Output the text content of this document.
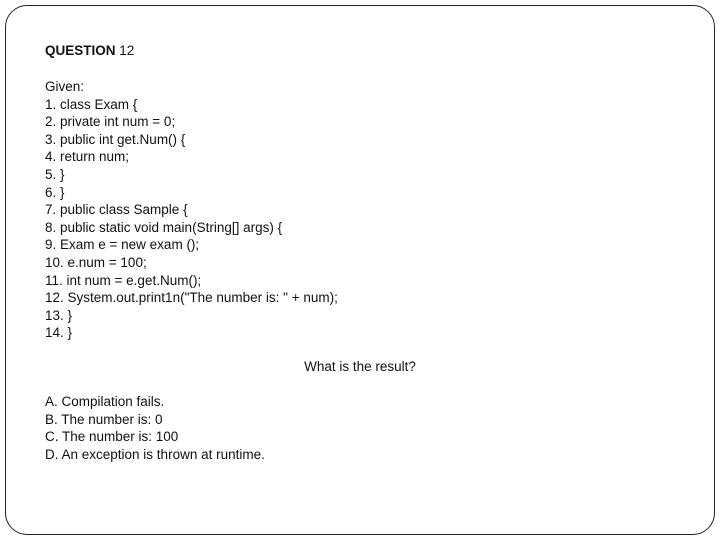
QUESTION 12
Given:
1. class Exam {
2. private int num = 0;
3. public int get.Num() {
4. return num;
5. }
6. }
7. public class Sample {
8. public static void main(String[] args) {
9. Exam e = new exam ();
10. e.num = 100;
11. int num = e.get.Num();
12. System.out.print1n("The number is: " + num);
13. }
14. }
What is the result?
A. Compilation fails.
B. The number is: 0
C. The number is: 100
D. An exception is thrown at runtime.
